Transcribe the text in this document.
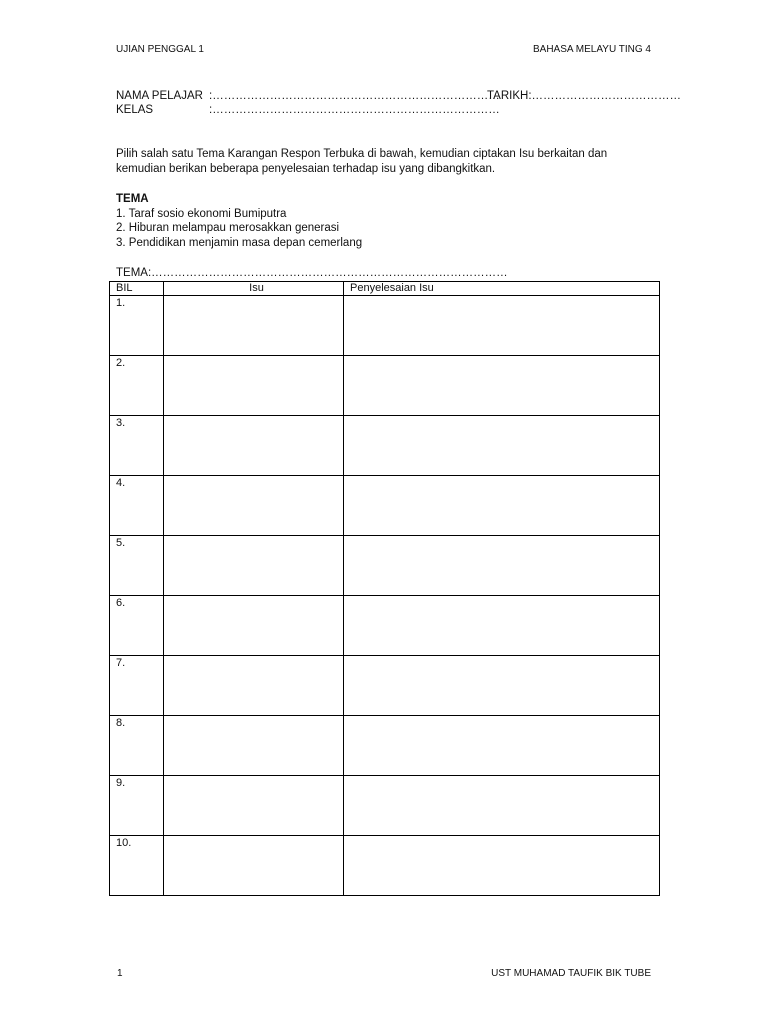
UJIAN PENGGAL 1	BAHASA MELAYU TING 4
NAMA PELAJAR :…………………………………………………………………
TARIKH:…………………………………
KELAS	:…………………………………………………………………
Pilih salah satu Tema Karangan Respon Terbuka di bawah, kemudian ciptakan Isu berkaitan dan
kemudian berikan beberapa penyelesaian terhadap isu yang dibangkitkan.
TEMA
1. Taraf sosio ekonomi Bumiputra
2. Hiburan melampau merosakkan generasi
3. Pendidikan menjamin masa depan cemerlang
TEMA:…………………………………………………………………………………
BIL	Isu	Penyelesaian Isu
1.		
2.		
3.		
4.		
5.		
6.		
7.		
8.		
9.		
10.		
1	UST MUHAMAD TAUFIK BIK TUBE
